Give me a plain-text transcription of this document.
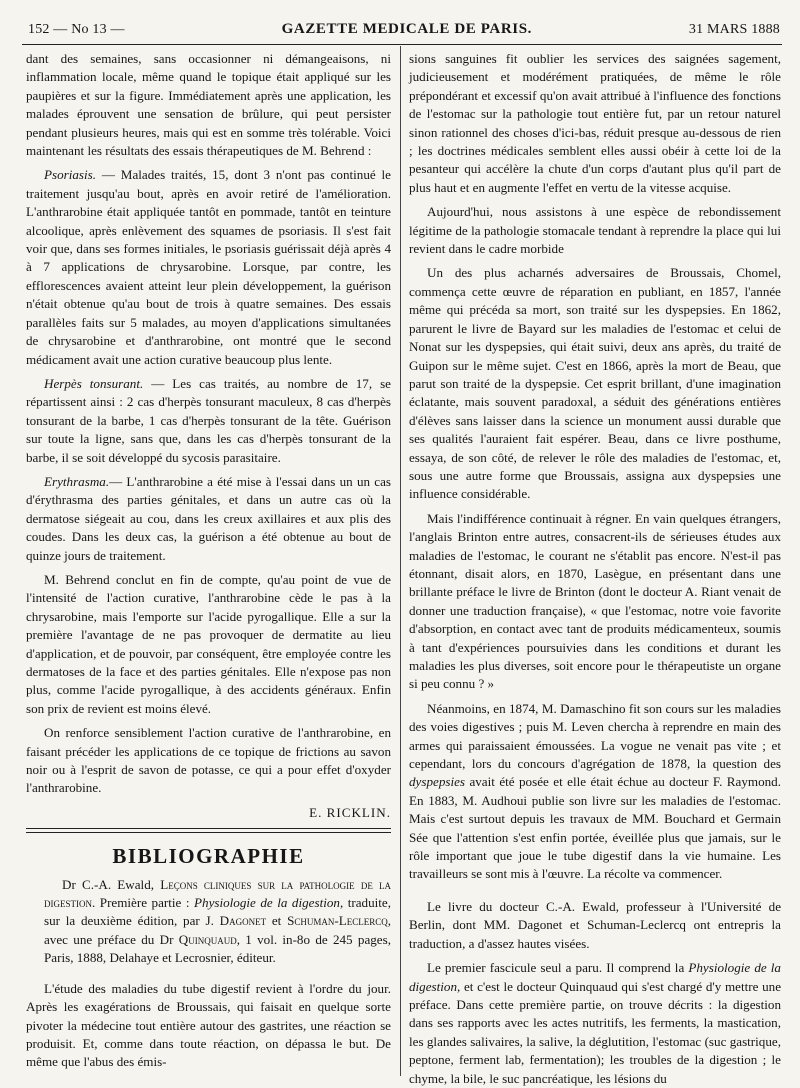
152 — No 13 —	GAZETTE MEDICALE DE PARIS.	31 MARS 1888

dant des semaines, sans occasionner ni démangeaisons, ni inflammation locale, même quand le topique était appliqué sur les paupières et sur la figure. Immédiatement après une application, les malades éprouvent une sensation de brûlure, qui peut persister pendant plusieurs heures, mais qui est en somme très tolérable. Voici maintenant les résultats des essais thérapeutiques de M. Behrend :

Psoriasis. — Malades traités, 15, dont 3 n'ont pas continué le traitement jusqu'au bout, après en avoir retiré de l'amélioration. L'anthrarobine était appliquée tantôt en pommade, tantôt en teinture alcoolique, après enlèvement des squames de psoriasis. Il s'est fait voir que, dans ses formes initiales, le psoriasis guérissait déjà après 4 à 7 applications de chrysarobine. Lorsque, par contre, les efflorescences avaient atteint leur plein développement, la guérison n'était obtenue qu'au bout de trois à quatre semaines. Des essais parallèles faits sur 5 malades, au moyen d'applications simultanées de chrysarobine et d'anthrarobine, ont montré que le second médicament avait une action curative beaucoup plus lente.

Herpès tonsurant. — Les cas traités, au nombre de 17, se répartissent ainsi : 2 cas d'herpès tonsurant maculeux, 8 cas d'herpès tonsurant de la barbe, 1 cas d'herpès tonsurant de la tête. Guérison sur toute la ligne, sans que, dans les cas d'herpès tonsurant de la barbe, il se soit développé du sycosis parasitaire.

Erythrasma.— L'anthrarobine a été mise à l'essai dans un un cas d'érythrasma des parties génitales, et dans un autre cas où la dermatose siégeait au cou, dans les creux axillaires et aux plis des coudes. Dans les deux cas, la guérison a été obtenue au bout de quinze jours de traitement.

M. Behrend conclut en fin de compte, qu'au point de vue de l'intensité de l'action curative, l'anthrarobine cède le pas à la chrysarobine, mais l'emporte sur l'acide pyrogallique. Elle a sur la première l'avantage de ne pas provoquer de dermatite au lieu d'application, et de pouvoir, par conséquent, être employée contre les dermatoses de la face et des parties génitales. Elle n'expose pas non plus, comme l'acide pyrogallique, à des accidents généraux. Enfin son prix de revient est moins élevé.

On renforce sensiblement l'action curative de l'anthrarobine, en faisant précéder les applications de ce topique de frictions au savon noir ou à l'esprit de savon de potasse, ce qui a pour effet d'oxyder l'anthrarobine.

E. RICKLIN.

BIBLIOGRAPHIE

Dr C.-A. Ewald, Leçons cliniques sur la pathologie de la digestion. Première partie : Physiologie de la digestion, traduite, sur la deuxième édition, par J. Dagonet et Schuman-Leclercq, avec une préface du Dr Quinquaud, 1 vol. in-8o de 245 pages, Paris, 1888, Delahaye et Lecrosnier, éditeur.

L'étude des maladies du tube digestif revient à l'ordre du jour. Après les exagérations de Broussais, qui faisait en quelque sorte pivoter la médecine tout entière autour des gastrites, une réaction se produisit. Et, comme dans toute réaction, on dépassa le but. De même que l'abus des émis-

sions sanguines fit oublier les services des saignées sagement, judicieusement et modérément pratiquées, de même le rôle prépondérant et excessif qu'on avait attribué à l'influence des fonctions de l'estomac sur la pathologie tout entière fut, par un retour naturel sinon rationnel des choses d'ici-bas, réduit presque au-dessous de rien ; les doctrines médicales semblent elles aussi obéir à cette loi de la pesanteur qui accélère la chute d'un corps d'autant plus qu'il part de plus haut et en augmente l'effet en vertu de la vitesse acquise.

Aujourd'hui, nous assistons à une espèce de rebondissement légitime de la pathologie stomacale tendant à reprendre la place qui lui revient dans le cadre morbide

Un des plus acharnés adversaires de Broussais, Chomel, commença cette œuvre de réparation en publiant, en 1857, l'année même qui précéda sa mort, son traité sur les dyspepsies. En 1862, parurent le livre de Bayard sur les maladies de l'estomac et celui de Nonat sur les dyspepsies, qui était suivi, deux ans après, du traité de Guipon sur le même sujet. C'est en 1866, après la mort de Beau, que parut son traité de la dyspepsie. Cet esprit brillant, d'une imagination éclatante, mais souvent paradoxal, a séduit des générations entières d'élèves sans laisser dans la science un monument aussi durable que ses qualités l'auraient fait espérer. Beau, dans ce livre posthume, essaya, de son côté, de relever le rôle des maladies de l'estomac, et, sous une autre forme que Broussais, assigna aux dyspepsies une influence considérable.

Mais l'indifférence continuait à régner. En vain quelques étrangers, l'anglais Brinton entre autres, consacrent-ils de sérieuses études aux maladies de l'estomac, le courant ne s'établit pas encore. N'est-il pas étonnant, disait alors, en 1870, Lasègue, en présentant dans une brillante préface le livre de Brinton (dont le docteur A. Riant venait de donner une traduction française), « que l'estomac, notre voie favorite d'absorption, en contact avec tant de produits médicamenteux, soumis à tant d'expériences poursuivies dans les conditions et durant les maladies les plus diverses, soit encore pour le thérapeutiste un organe si peu connu ? »

Néanmoins, en 1874, M. Damaschino fit son cours sur les maladies des voies digestives ; puis M. Leven chercha à reprendre en main des armes qui paraissaient émoussées. La vogue ne venait pas vite ; et cependant, lors du concours d'agrégation de 1878, la question des dyspepsies avait été posée et elle était échue au docteur F. Raymond. En 1883, M. Audhoui publie son livre sur les maladies de l'estomac. Mais c'est surtout depuis les travaux de MM. Bouchard et Germain Sée que l'attention s'est enfin portée, éveillée plus que jamais, sur le rôle important que joue le tube digestif dans la vie humaine. Les travailleurs se sont mis à l'œuvre. La récolte va commencer.

Le livre du docteur C.-A. Ewald, professeur à l'Université de Berlin, dont MM. Dagonet et Schuman-Leclercq ont entrepris la traduction, a d'assez hautes visées.

Le premier fascicule seul a paru. Il comprend la Physiologie de la digestion, et c'est le docteur Quinquaud qui s'est chargé d'y mettre une préface. Dans cette première partie, on trouve décrits : la digestion dans ses rapports avec les actes nutritifs, les ferments, la mastication, les glandes salivaires, la salive, la déglutition, l'estomac (suc gastrique, peptone, ferment lab, fermentation); les troubles de la digestion ; le chyme, la bile, le suc pancréatique, les lésions du
